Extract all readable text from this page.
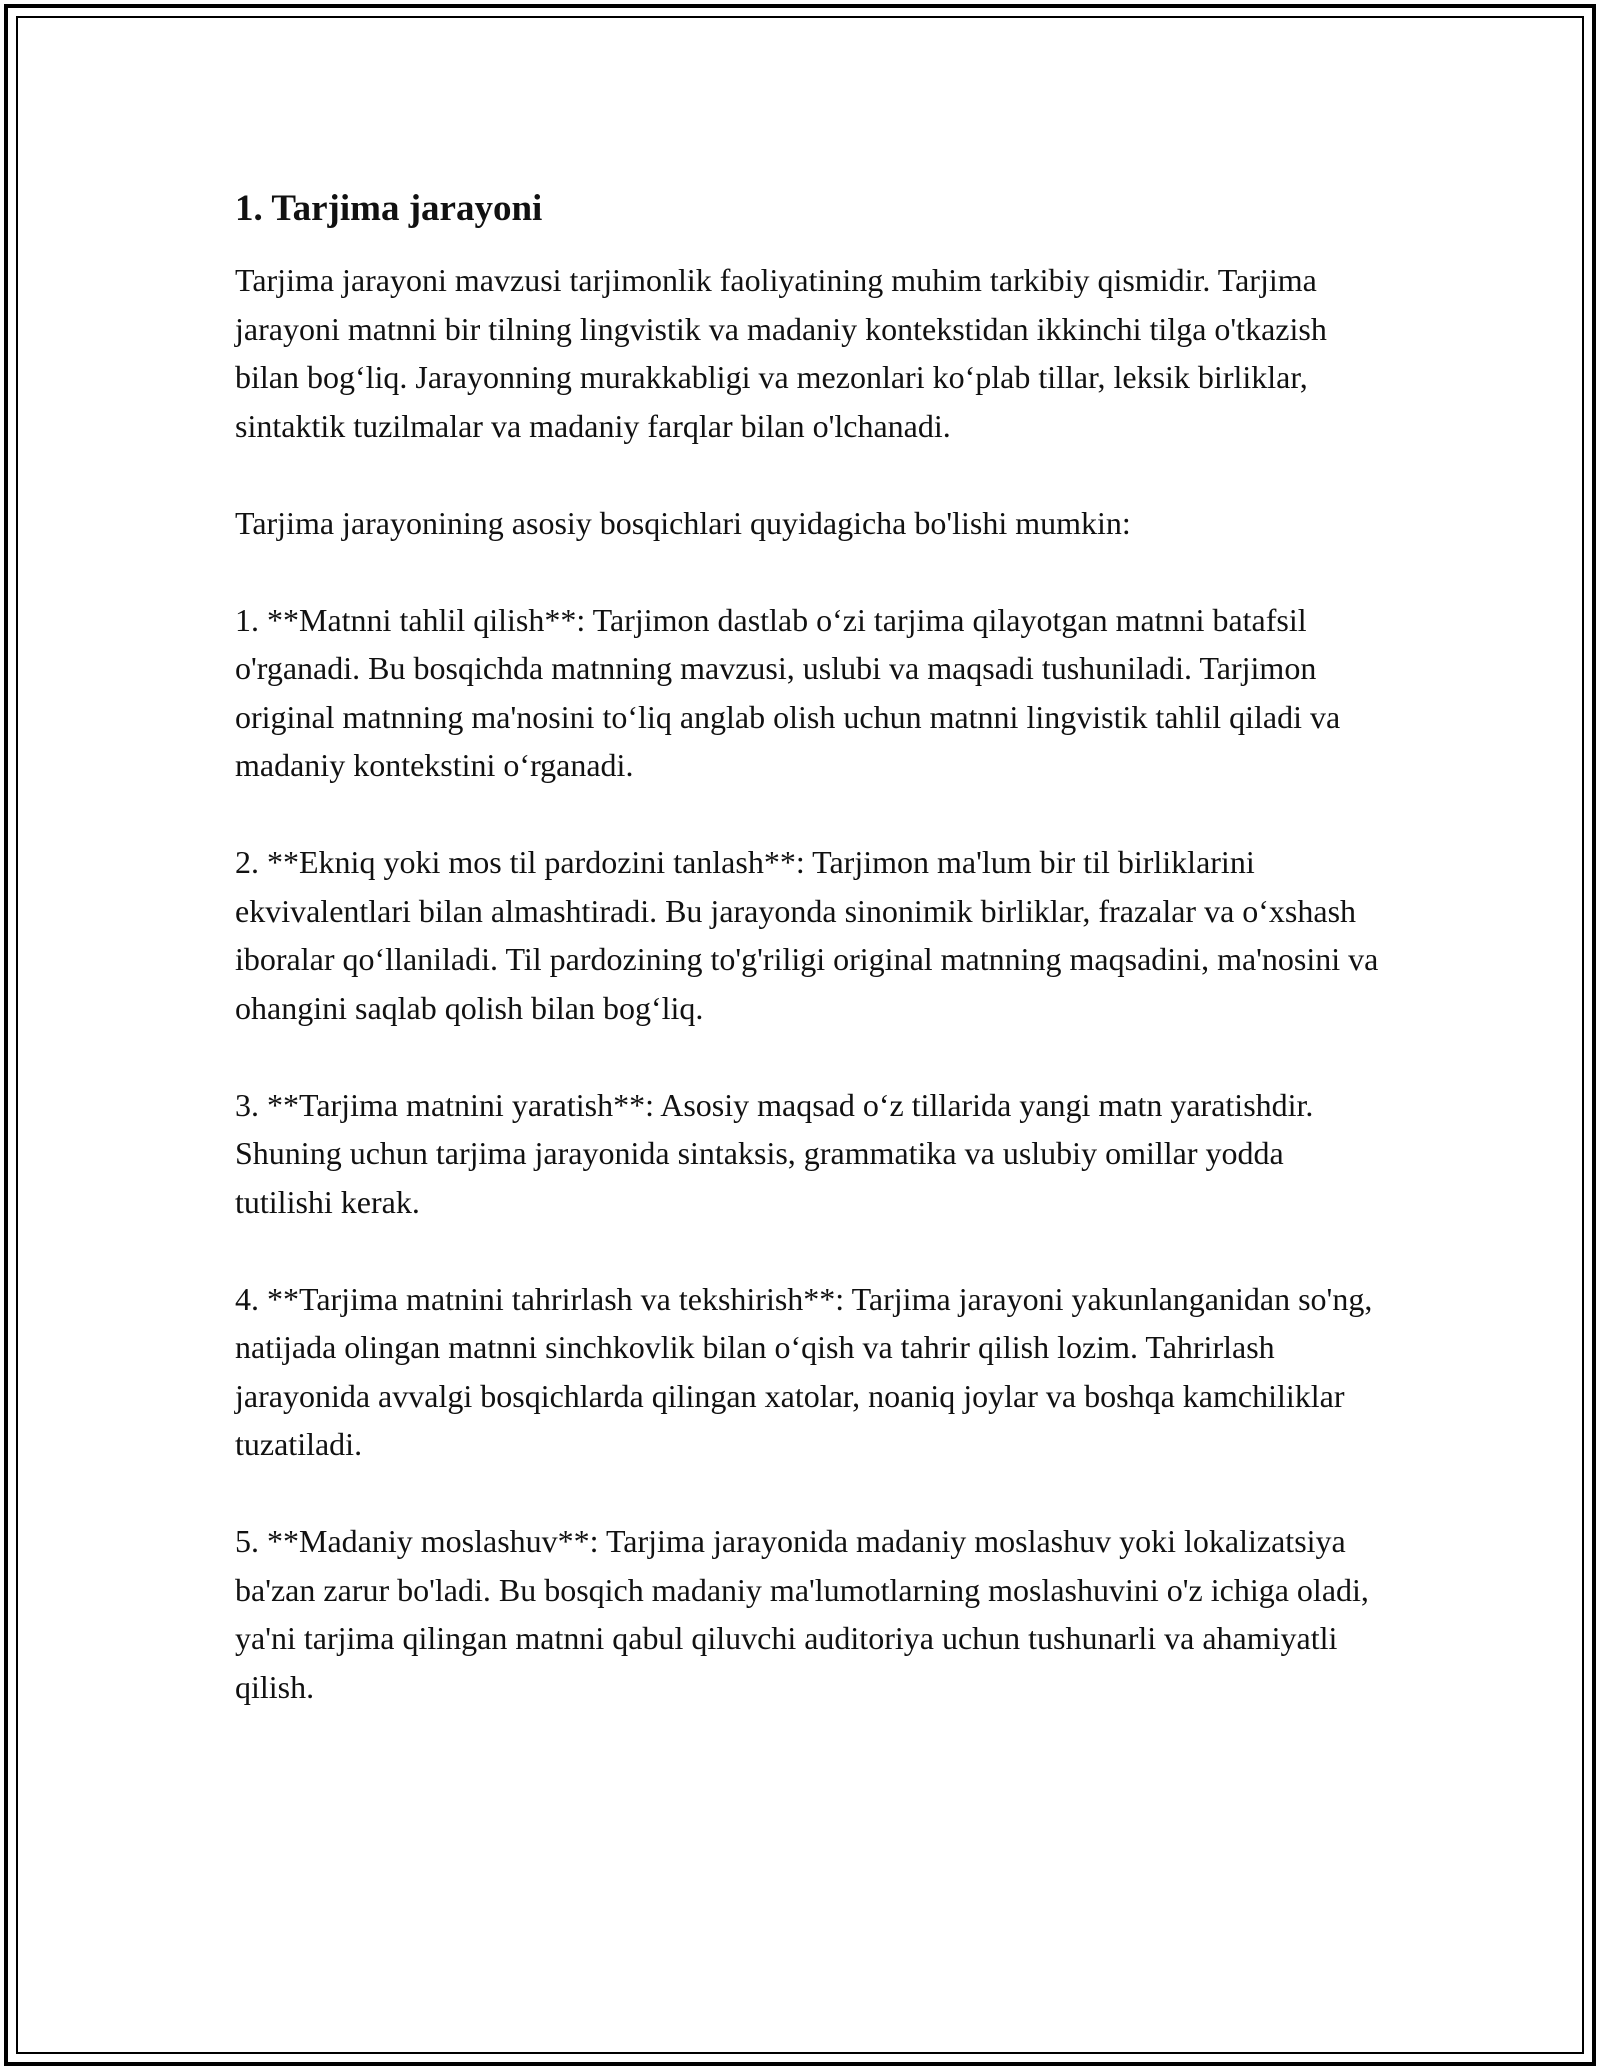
1. Tarjima jarayoni

Tarjima jarayoni mavzusi tarjimonlik faoliyatining muhim tarkibiy qismidir. Tarjima jarayoni matnni bir tilning lingvistik va madaniy kontekstidan ikkinchi tilga o'tkazish bilan bog‘liq. Jarayonning murakkabligi va mezonlari ko‘plab tillar, leksik birliklar, sintaktik tuzilmalar va madaniy farqlar bilan o'lchanadi.

Tarjima jarayonining asosiy bosqichlari quyidagicha bo'lishi mumkin:

1. **Matnni tahlil qilish**: Tarjimon dastlab o‘zi tarjima qilayotgan matnni batafsil o'rganadi. Bu bosqichda matnning mavzusi, uslubi va maqsadi tushuniladi. Tarjimon original matnning ma'nosini to‘liq anglab olish uchun matnni lingvistik tahlil qiladi va madaniy kontekstini o‘rganadi.

2. **Ekniq yoki mos til pardozini tanlash**: Tarjimon ma'lum bir til birliklarini ekvivalentlari bilan almashtiradi. Bu jarayonda sinonimik birliklar, frazalar va o‘xshash iboralar qo‘llaniladi. Til pardozining to'g'riligi original matnning maqsadini, ma'nosini va ohangini saqlab qolish bilan bog‘liq.

3. **Tarjima matnini yaratish**: Asosiy maqsad o‘z tillarida yangi matn yaratishdir. Shuning uchun tarjima jarayonida sintaksis, grammatika va uslubiy omillar yodda tutilishi kerak.

4. **Tarjima matnini tahrirlash va tekshirish**: Tarjima jarayoni yakunlanganidan so'ng, natijada olingan matnni sinchkovlik bilan o‘qish va tahrir qilish lozim. Tahrirlash jarayonida avvalgi bosqichlarda qilingan xatolar, noaniq joylar va boshqa kamchiliklar tuzatiladi.

5. **Madaniy moslashuv**: Tarjima jarayonida madaniy moslashuv yoki lokalizatsiya ba'zan zarur bo'ladi. Bu bosqich madaniy ma'lumotlarning moslashuvini o'z ichiga oladi, ya'ni tarjima qilingan matnni qabul qiluvchi auditoriya uchun tushunarli va ahamiyatli qilish.
